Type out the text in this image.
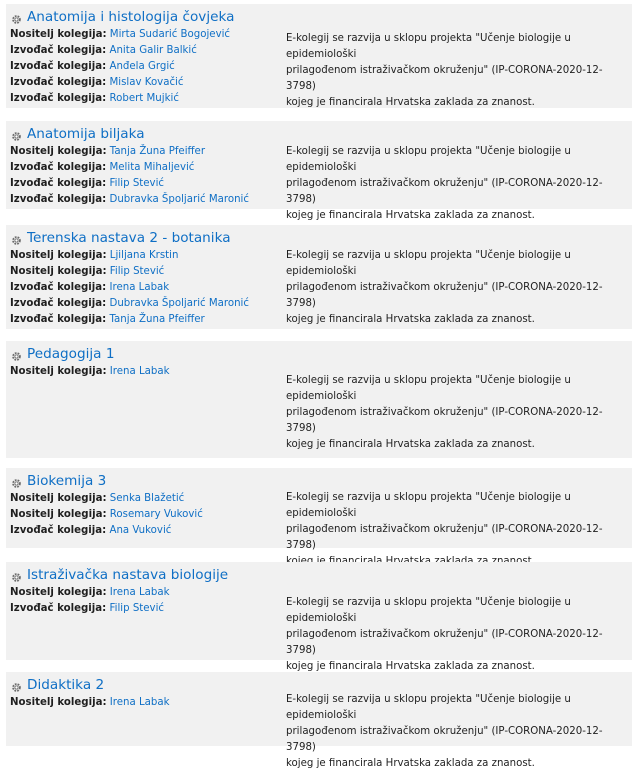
Anatomija i histologija čovjeka
Nositelj kolegija: Mirta Sudarić Bogojević
Izvođač kolegija: Anita Galir Balkić
Izvođač kolegija: Anđela Grgić
Izvođač kolegija: Mislav Kovačić
Izvođač kolegija: Robert Mujkić
E-kolegij se razvija u sklopu projekta "Učenje biologije u epidemiološki
prilagođenom istraživačkom okruženju" (IP-CORONA-2020-12-3798)
kojeg je financirala Hrvatska zaklada za znanost.
Anatomija biljaka
Nositelj kolegija: Tanja Žuna Pfeiffer
Izvođač kolegija: Melita Mihaljević
Izvođač kolegija: Filip Stević
Izvođač kolegija: Dubravka Špoljarić Maronić
E-kolegij se razvija u sklopu projekta "Učenje biologije u epidemiološki
prilagođenom istraživačkom okruženju" (IP-CORONA-2020-12-3798)
kojeg je financirala Hrvatska zaklada za znanost.
Terenska nastava 2 - botanika
Nositelj kolegija: Ljiljana Krstin
Nositelj kolegija: Filip Stević
Izvođač kolegija: Irena Labak
Izvođač kolegija: Dubravka Špoljarić Maronić
Izvođač kolegija: Tanja Žuna Pfeiffer
E-kolegij se razvija u sklopu projekta "Učenje biologije u epidemiološki
prilagođenom istraživačkom okruženju" (IP-CORONA-2020-12-3798)
kojeg je financirala Hrvatska zaklada za znanost.
Pedagogija 1
Nositelj kolegija: Irena Labak
E-kolegij se razvija u sklopu projekta "Učenje biologije u epidemiološki
prilagođenom istraživačkom okruženju" (IP-CORONA-2020-12-3798)
kojeg je financirala Hrvatska zaklada za znanost.
Biokemija 3
Nositelj kolegija: Senka Blažetić
Nositelj kolegija: Rosemary Vuković
Izvođač kolegija: Ana Vuković
E-kolegij se razvija u sklopu projekta "Učenje biologije u epidemiološki
prilagođenom istraživačkom okruženju" (IP-CORONA-2020-12-3798)
Istraživačka nastava biologije
Nositelj kolegija: Irena Labak
Izvođač kolegija: Filip Stević
E-kolegij se razvija u sklopu projekta "Učenje biologije u epidemiološki
prilagođenom istraživačkom okruženju" (IP-CORONA-2020-12-3798)
kojeg je financirala Hrvatska zaklada za znanost.
Didaktika 2
Nositelj kolegija: Irena Labak	E-kolegij se razvija u sklopu projekta "Učenje biologije u epidemiološki
prilagođenom istraživačkom okruženju" (IP-CORONA-2020-12-3798)
kojeg je financirala Hrvatska zaklada za znanost.
